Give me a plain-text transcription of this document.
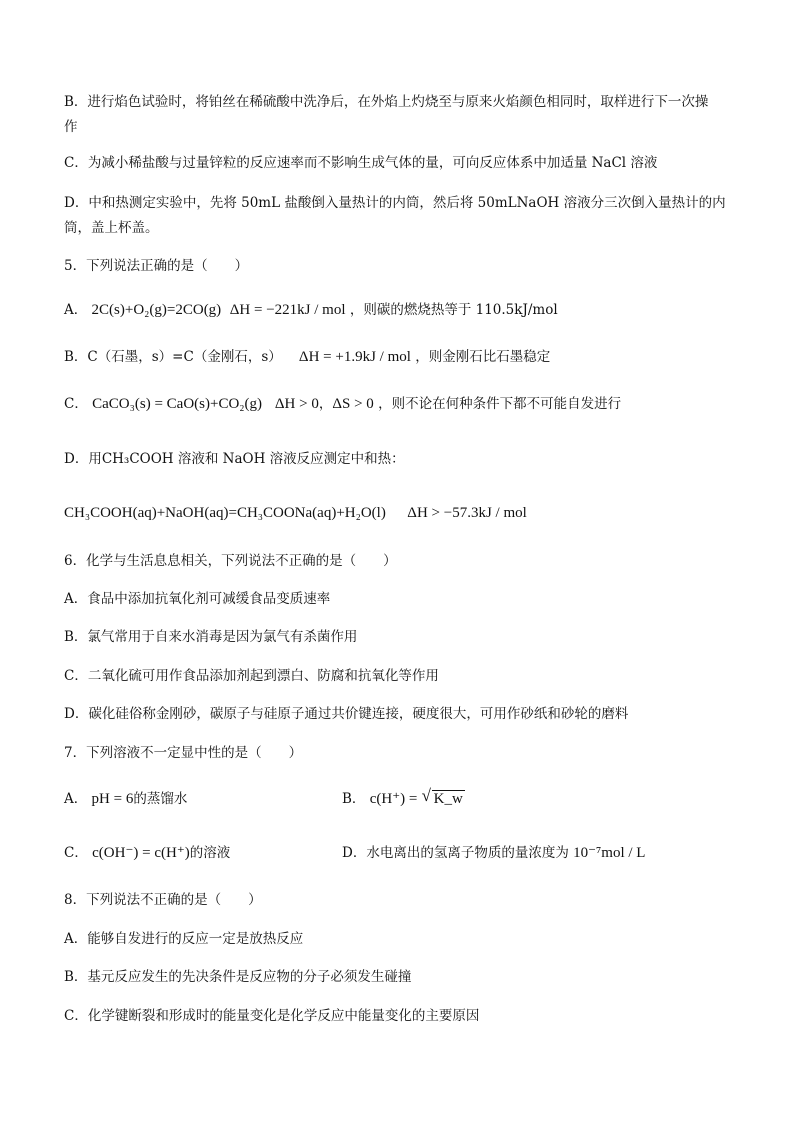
B．进行焰色试验时，将铂丝在稀硫酸中洗净后，在外焰上灼烧至与原来火焰颜色相同时，取样进行下一次操
作
C．为减小稀盐酸与过量锌粒的反应速率而不影响生成气体的量，可向反应体系中加适量 NaCl 溶液
D．中和热测定实验中，先将 50mL 盐酸倒入量热计的内筒，然后将 50mLNaOH 溶液分三次倒入量热计的内
筒，盖上杯盖。
5．下列说法正确的是（　　）
A． 2C(s)+O₂(g)=2CO(g) ΔH = −221kJ / mol ，则碳的燃烧热等于 110.5kJ/mol
B．C（石墨，s）=C（金刚石，s） ΔH = +1.9kJ / mol ，则金刚石比石墨稳定
C． CaCO₃(s) = CaO(s)+CO₂(g) ΔH > 0，ΔS > 0 ，则不论在何种条件下都不可能自发进行
D．用CH₃COOH 溶液和 NaOH 溶液反应测定中和热：
CH₃COOH(aq)+NaOH(aq)=CH₃COONa(aq)+H₂O(l) ΔH > −57.3kJ / mol
6．化学与生活息息相关，下列说法不正确的是（　　）
A．食品中添加抗氧化剂可减缓食品变质速率
B．氯气常用于自来水消毒是因为氯气有杀菌作用
C．二氧化硫可用作食品添加剂起到漂白、防腐和抗氧化等作用
D．碳化硅俗称金刚砂，碳原子与硅原子通过共价键连接，硬度很大，可用作砂纸和砂轮的磨料
7．下列溶液不一定显中性的是（　　）
A． pH = 6的蒸馏水	B． c(H⁺) = √ K_w
C． c(OH⁻) = c(H⁺)的溶液	D．水电离出的氢离子物质的量浓度为 10⁻⁷mol / L
8．下列说法不正确的是（　　）
A．能够自发进行的反应一定是放热反应
B．基元反应发生的先决条件是反应物的分子必须发生碰撞
C．化学键断裂和形成时的能量变化是化学反应中能量变化的主要原因
